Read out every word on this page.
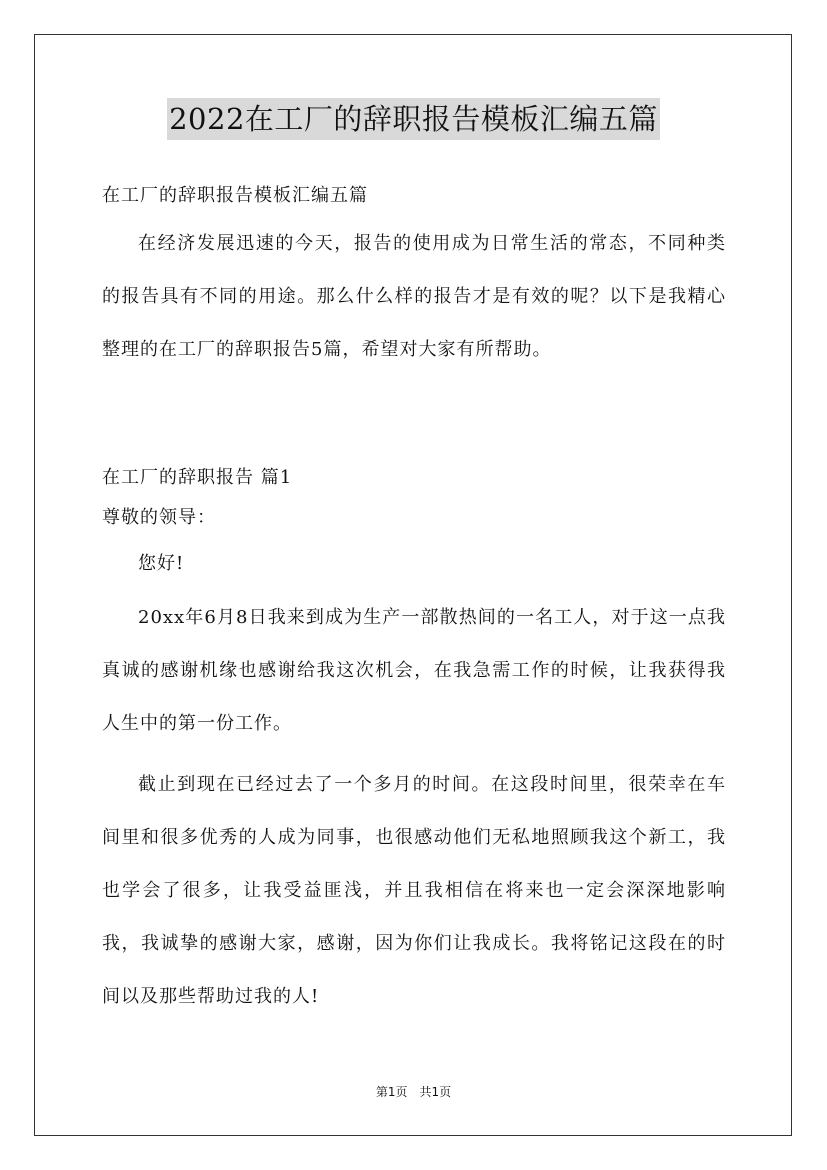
2022在工厂的辞职报告模板汇编五篇

在工厂的辞职报告模板汇编五篇

在经济发展迅速的今天，报告的使用成为日常生活的常态，不同种类的报告具有不同的用途。那么什么样的报告才是有效的呢？以下是我精心整理的在工厂的辞职报告5篇，希望对大家有所帮助。

在工厂的辞职报告 篇1

尊敬的领导：

您好!

20xx年6月8日我来到成为生产一部散热间的一名工人，对于这一点我真诚的感谢机缘也感谢给我这次机会，在我急需工作的时候，让我获得我人生中的第一份工作。

截止到现在已经过去了一个多月的时间。在这段时间里，很荣幸在车间里和很多优秀的人成为同事，也很感动他们无私地照顾我这个新工，我也学会了很多，让我受益匪浅，并且我相信在将来也一定会深深地影响我，我诚挚的感谢大家，感谢，因为你们让我成长。我将铭记这段在的时间以及那些帮助过我的人!

第1页　共1页
